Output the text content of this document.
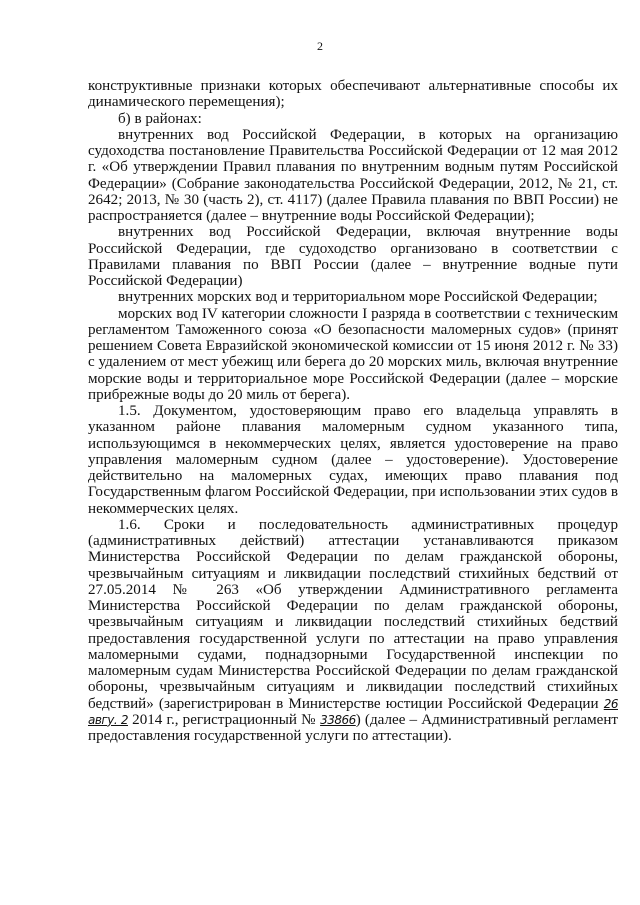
2

конструктивные признаки которых обеспечивают альтернативные способы их динамического перемещения);

б) в районах:

внутренних вод Российской Федерации, в которых на организацию судоходства постановление Правительства Российской Федерации от 12 мая 2012 г. «Об утверждении Правил плавания по внутренним водным путям Российской Федерации» (Собрание законодательства Российской Федерации, 2012, № 21, ст. 2642; 2013, № 30 (часть 2), ст. 4117) (далее Правила плавания по ВВП России) не распространяется (далее – внутренние воды Российской Федерации);

внутренних вод Российской Федерации, включая внутренние воды Российской Федерации, где судоходство организовано в соответствии с Правилами плавания по ВВП России (далее – внутренние водные пути Российской Федерации)

внутренних морских вод и территориальном море Российской Федерации;

морских вод IV категории сложности I разряда в соответствии с техническим регламентом Таможенного союза «О безопасности маломерных судов» (принят решением Совета Евразийской экономической комиссии от 15 июня 2012 г. № 33) с удалением от мест убежищ или берега до 20 морских миль, включая внутренние морские воды и территориальное море Российской Федерации (далее – морские прибрежные воды до 20 миль от берега).

1.5. Документом, удостоверяющим право его владельца управлять в указанном районе плавания маломерным судном указанного типа, использующимся в некоммерческих целях, является удостоверение на право управления маломерным судном (далее – удостоверение). Удостоверение действительно на маломерных судах, имеющих право плавания под Государственным флагом Российской Федерации, при использовании этих судов в некоммерческих целях.

1.6. Сроки и последовательность административных процедур (административных действий) аттестации устанавливаются приказом Министерства Российской Федерации по делам гражданской обороны, чрезвычайным ситуациям и ликвидации последствий стихийных бедствий от 27.05.2014 № 263 «Об утверждении Административного регламента Министерства Российской Федерации по делам гражданской обороны, чрезвычайным ситуациям и ликвидации последствий стихийных бедствий предоставления государственной услуги по аттестации на право управления маломерными судами, поднадзорными Государственной инспекции по маломерным судам Министерства Российской Федерации по делам гражданской обороны, чрезвычайным ситуациям и ликвидации последствий стихийных бедствий» (зарегистрирован в Министерстве юстиции Российской Федерации 26 авгу. 2 2014 г., регистрационный № 33866) (далее – Административный регламент предоставления государственной услуги по аттестации).
